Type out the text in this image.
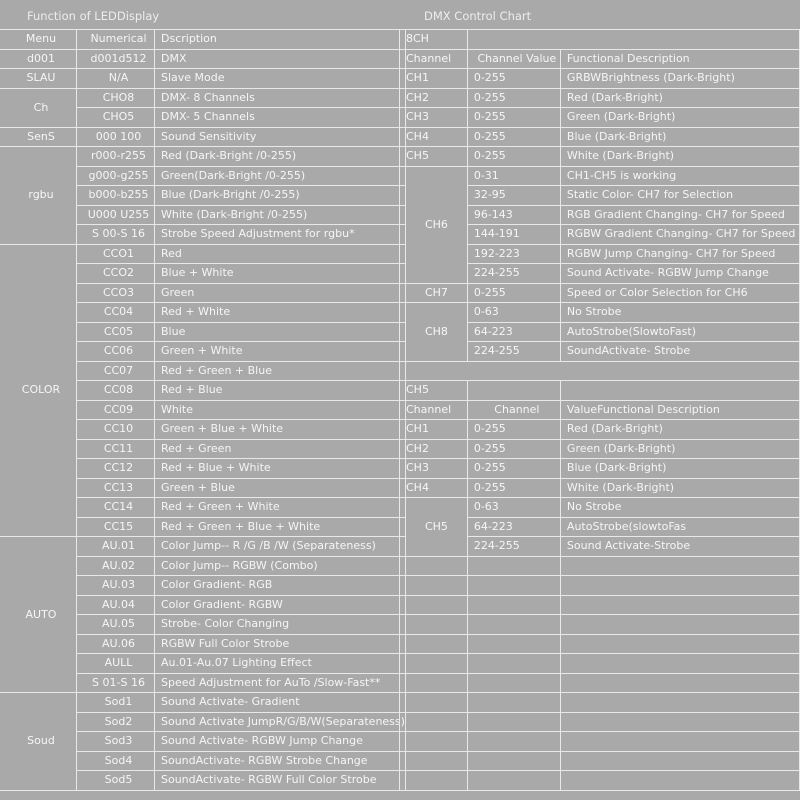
Function of LEDDisplay	DMX Control Chart
Menu	Numerical	Dscription
d001	d001d512	DMX
SLAU	N/A	Slave Mode
Ch	CHO8	DMX- 8 Channels
	CHO5	DMX- 5 Channels
SenS	000 100	Sound Sensitivity
rgbu	r000-r255	Red (Dark-Bright /0-255)
	g000-g255	Green(Dark-Bright /0-255)
	b000-b255	Blue (Dark-Bright /0-255)
	U000 U255	White (Dark-Bright /0-255)
	S 00-S 16	Strobe Speed Adjustment for rgbu*
COLOR	CCO1	Red
	CCO2	Blue + White
	CCO3	Green
	CC04	Red + White
	CC05	Blue
	CC06	Green + White
	CC07	Red + Green + Blue
	CC08	Red + Blue
	CC09	White
	CC10	Green + Blue + White
	CC11	Red + Green
	CC12	Red + Blue + White
	CC13	Green + Blue
	CC14	Red + Green + White
	CC15	Red + Green + Blue + White
AUTO	AU.01	Color Jump-- R /G /B /W (Separateness)
	AU.02	Color Jump-- RGBW (Combo)
	AU.03	Color Gradient- RGB
	AU.04	Color Gradient- RGBW
	AU.05	Strobe- Color Changing
	AU.06	RGBW Full Color Strobe
	AULL	Au.01-Au.07 Lighting Effect
	S 01-S 16	Speed Adjustment for AuTo /Slow-Fast**
Soud	Sod1	Sound Activate- Gradient
	Sod2	Sound Activate JumpR/G/B/W(Separateness)
	Sod3	Sound Activate- RGBW Jump Change
	Sod4	SoundActivate- RGBW Strobe Change
	Sod5	SoundActivate- RGBW Full Color Strobe
8CH		
Channel	Channel Value	Functional Description
CH1	0-255	GRBWBrightness (Dark-Bright)
CH2	0-255	Red (Dark-Bright)
CH3	0-255	Green (Dark-Bright)
CH4	0-255	Blue (Dark-Bright)
CH5	0-255	White (Dark-Bright)
CH6	0-31	CH1-CH5 is working
	32-95	Static Color- CH7 for Selection
	96-143	RGB Gradient Changing- CH7 for Speed
	144-191	RGBW Gradient Changing- CH7 for Speed
	192-223	RGBW Jump Changing- CH7 for Speed
	224-255	Sound Activate- RGBW Jump Change
CH7	0-255	Speed or Color Selection for CH6
CH8	0-63	No Strobe
	64-223	AutoStrobe(SlowtoFast)
	224-255	SoundActivate- Strobe

CH5		
Channel	Channel	ValueFunctional Description
CH1	0-255	Red (Dark-Bright)
CH2	0-255	Green (Dark-Bright)
CH3	0-255	Blue (Dark-Bright)
CH4	0-255	White (Dark-Bright)
CH5	0-63	No Strobe
	64-223	AutoStrobe(slowtoFas
	224-255	Sound Activate-Strobe
